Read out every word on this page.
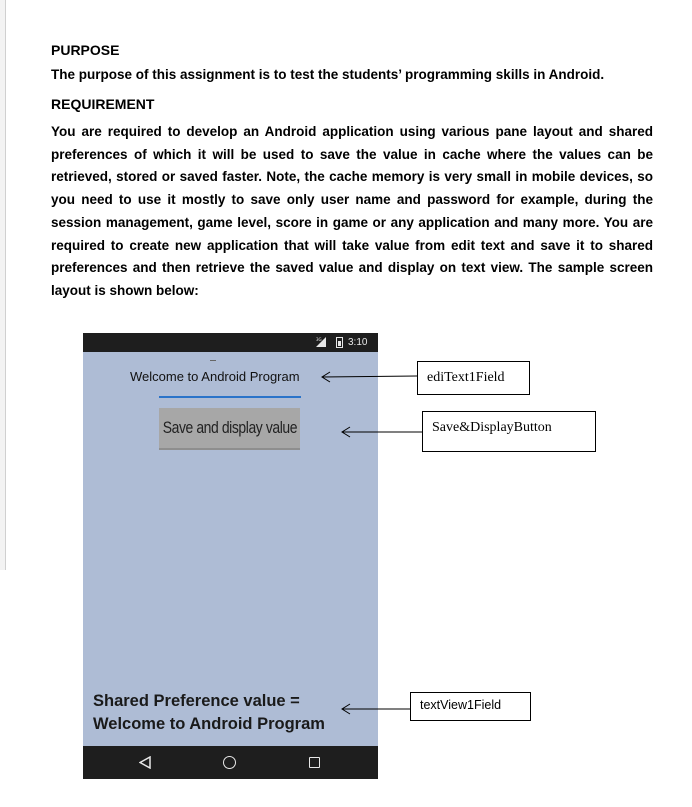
PURPOSE
The purpose of this assignment is to test the students’ programming skills in Android.
REQUIREMENT
You are required to develop an Android application using various pane layout and shared preferences of which it will be used to save the value in cache where the values can be retrieved, stored or saved faster. Note, the cache memory is very small in mobile devices, so you need to use it mostly to save only user name and password for example, during the session management, game level, score in game or any application and many more. You are required to create new application that will take value from edit text and save it to shared preferences and then retrieve the saved value and display on text view. The sample screen layout is shown below:
3G	3:10
Welcome to Android Program
Save and display value
Shared Preference value =
Welcome to Android Program
ediText1Field
Save&DisplayButton
textView1Field
